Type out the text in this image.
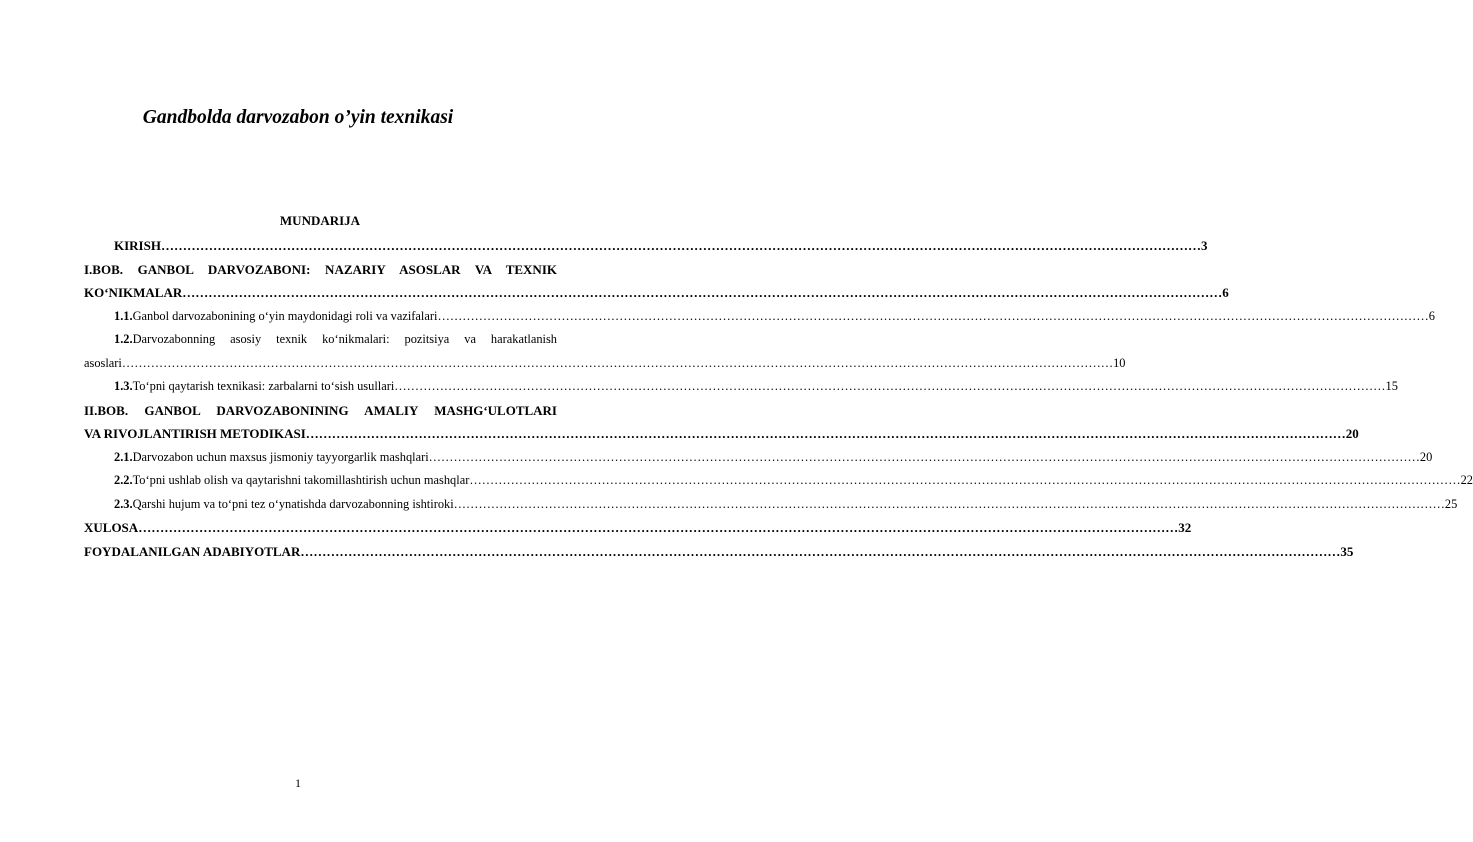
Gandbolda darvozabon o’yin texnikasi
MUNDARIJA
KIRISH …………………………………………………………………………………………………………………………………………………………………………………………………………………… 3
I.BOB. GANBOL DARVOZABONI: NAZARIY ASOSLAR VA TEXNIK
KO‘NIKMALAR …………………………………………………………………………………………………………………………………………………………………………………………………………………… 6
1.1. Ganbol darvozabonining o‘yin maydonidagi roli va vazifalari …………………………………………………………………………………………………………………………………………………………………………………………………………………… 6
1.2.Darvozabonning asosiy texnik ko‘nikmalari: pozitsiya va harakatlanish
asoslari …………………………………………………………………………………………………………………………………………………………………………………………………………………… 10
1.3. To‘pni qaytarish texnikasi: zarbalarni to‘sish usullari …………………………………………………………………………………………………………………………………………………………………………………………………………………… 15
II.BOB. GANBOL DARVOZABONINING AMALIY MASHG‘ULOTLARI
VA RIVOJLANTIRISH METODIKASI …………………………………………………………………………………………………………………………………………………………………………………………………………………… 20
2.1. Darvozabon uchun maxsus jismoniy tayyorgarlik mashqlari …………………………………………………………………………………………………………………………………………………………………………………………………………………… 20
2.2. To‘pni ushlab olish va qaytarishni takomillashtirish uchun mashqlar …………………………………………………………………………………………………………………………………………………………………………………………………………………… 22
2.3. Qarshi hujum va to‘pni tez o‘ynatishda darvozabonning ishtiroki …………………………………………………………………………………………………………………………………………………………………………………………………………………… 25
XULOSA …………………………………………………………………………………………………………………………………………………………………………………………………………………… 32
FOYDALANILGAN ADABIYOTLAR …………………………………………………………………………………………………………………………………………………………………………………………………………………… 35
1
